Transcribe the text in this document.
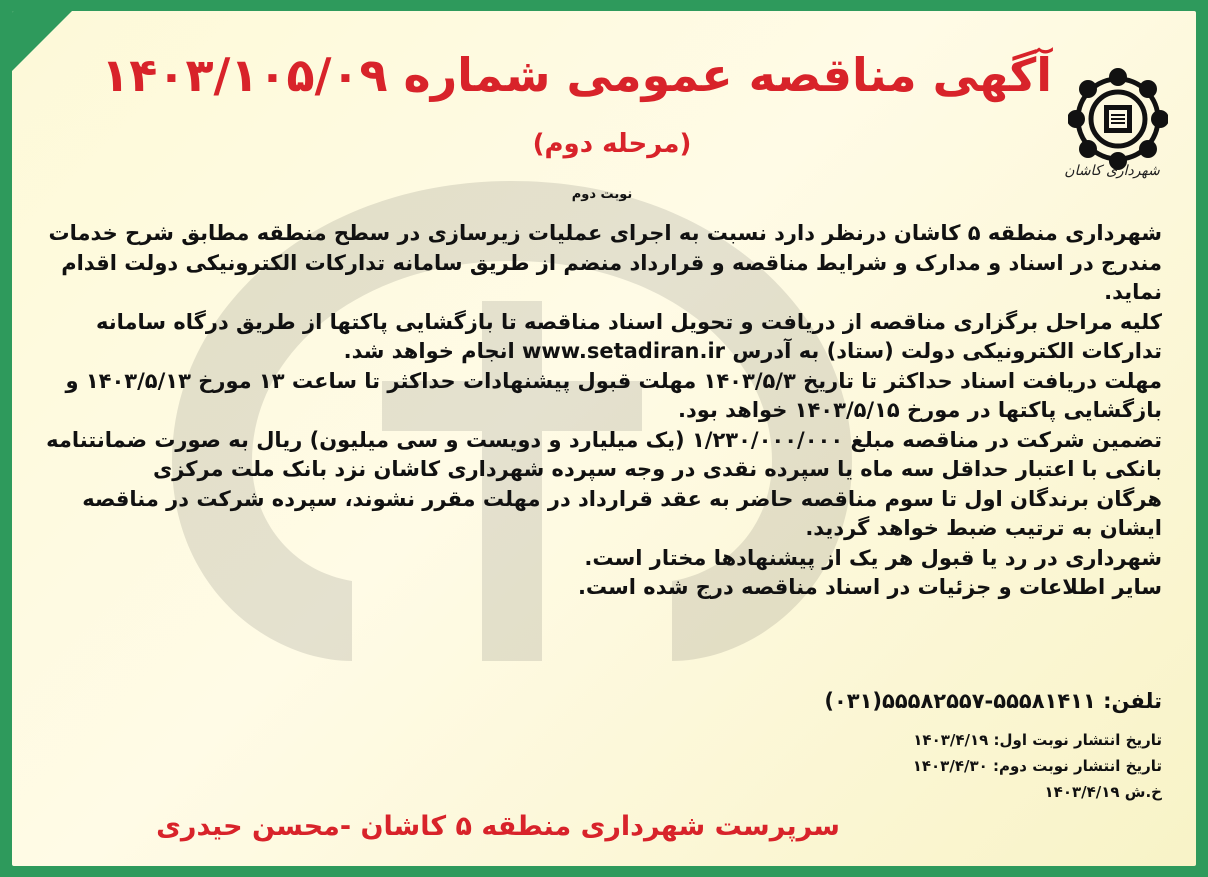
شهرداری کاشان
آگهی مناقصه عمومی شماره ۱۴۰۳/۱۰۵/۰۹
(مرحله دوم)
نوبت دوم

شهرداری منطقه ۵ کاشان درنظر دارد نسبت به اجرای عملیات زیرسازی در سطح منطقه مطابق شرح خدمات مندرج در اسناد و مدارک و شرایط مناقصه و قرارداد منضم از طریق سامانه تدارکات الکترونیکی دولت اقدام نماید.

کلیه مراحل برگزاری مناقصه از دریافت و تحویل اسناد مناقصه تا بازگشایی پاکتها از طریق درگاه سامانه تدارکات الکترونیکی دولت (ستاد) به آدرس www.setadiran.ir انجام خواهد شد.

مهلت دریافت اسناد حداکثر تا تاریخ ۱۴۰۳/۵/۳ مهلت قبول پیشنهادات حداکثر تا ساعت ۱۳ مورخ ۱۴۰۳/۵/۱۳ و بازگشایی پاکتها در مورخ ۱۴۰۳/۵/۱۵ خواهد بود.

تضمین شرکت در مناقصه مبلغ ۱/۲۳۰/۰۰۰/۰۰۰ (یک میلیارد و دویست و سی میلیون) ریال به صورت ضمانتنامه بانکی با اعتبار حداقل سه ماه یا سپرده نقدی در وجه سپرده شهرداری کاشان نزد بانک ملت مرکزی

هرگان برندگان اول تا سوم مناقصه حاضر به عقد قرارداد در مهلت مقرر نشوند، سپرده شرکت در مناقصه ایشان به ترتیب ضبط خواهد گردید.

شهرداری در رد یا قبول هر یک از پیشنهادها مختار است.

سایر اطلاعات و جزئیات در اسناد مناقصه درج شده است.

تلفن: ۵۵۵۸۱۴۱۱-۵۵۵۸۲۵۵۷(۰۳۱)
تاریخ انتشار نوبت اول: ۱۴۰۳/۴/۱۹
تاریخ انتشار نوبت دوم: ۱۴۰۳/۴/۳۰
خ.ش ۱۴۰۳/۴/۱۹
سرپرست شهرداری منطقه ۵ کاشان -محسن حیدری
